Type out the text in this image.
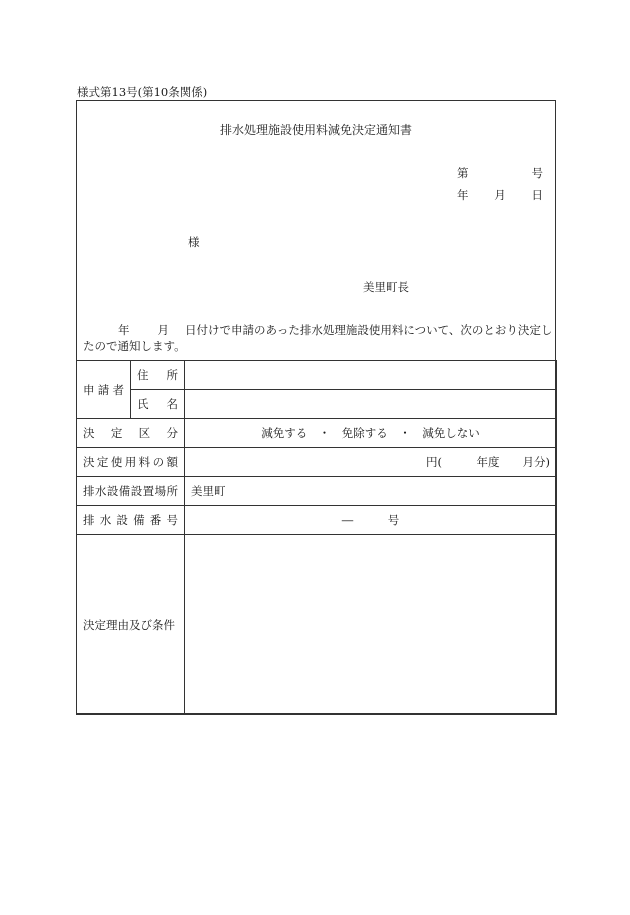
様式第13号(第10条関係)
排水処理施設使用料減免決定通知書
第	号
年 月 日
様
美里町長
年 月 日付けで申請のあった排水処理施設使用料について、次のとおり決定したので通知します。
申請者	住所	
	氏名	
決定区分		減免する　・　免除する　・　減免しない
決定使用料の額		円(　　　年度　　月分)
排水設備設置場所		美里町
排水設備番号		―　　　号
決定理由及び条件		
